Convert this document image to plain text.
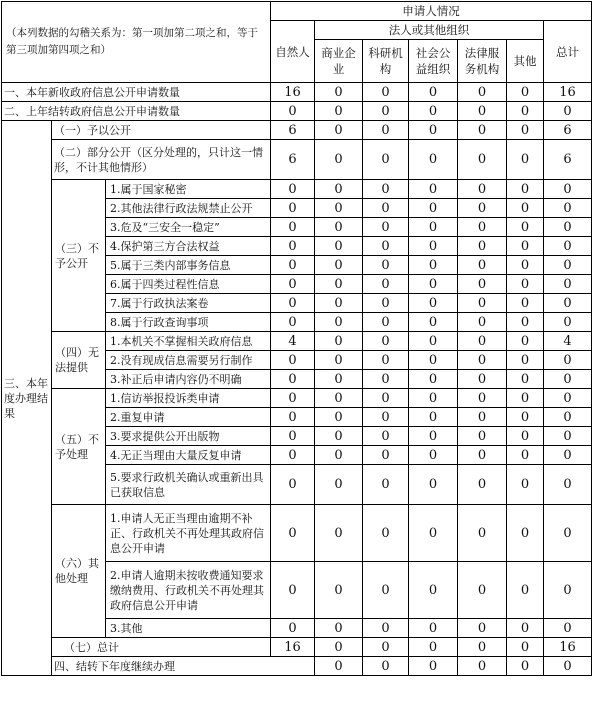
（本列数据的勾稽关系为：第一项加第二项之和，等于第三项加第四项之和）			申请人情况							
			自然人	法人或其他组织					总计	
				商业企业	科研机构	社会公益组织	法律服务机构	其他		
一、本年新收政府信息公开申请数量			16	0	0	0	0	0	16	
二、上年结转政府信息公开申请数量			0	0	0	0	0	0	0	
三、本年度办理结果	（一）予以公开		6	0	0	0	0	0	6	
	（二）部分公开（区分处理的，只计这一情形，不计其他情形）		6	0	0	0	0	0	6	
	（三）不予公开	1.属于国家秘密	0	0	0	0	0	0	0	
		2.其他法律行政法规禁止公开	0	0	0	0	0	0	0	
		3.危及“三安全一稳定”	0	0	0	0	0	0	0	
		4.保护第三方合法权益	0	0	0	0	0	0	0	
		5.属于三类内部事务信息	0	0	0	0	0	0	0	
		6.属于四类过程性信息	0	0	0	0	0	0	0	
		7.属于行政执法案卷	0	0	0	0	0	0	0	
		8.属于行政查询事项	0	0	0	0	0	0	0	
	（四）无法提供	1.本机关不掌握相关政府信息	4	0	0	0	0	0	4	
		2.没有现成信息需要另行制作	0	0	0	0	0	0	0	
		3.补正后申请内容仍不明确	0	0	0	0	0	0	0	
	（五）不予处理	1.信访举报投诉类申请	0	0	0	0	0	0	0	
		2.重复申请	0	0	0	0	0	0	0	
		3.要求提供公开出版物	0	0	0	0	0	0	0	
		4.无正当理由大量反复申请	0	0	0	0	0	0	0	
		5.要求行政机关确认或重新出具已获取信息	0	0	0	0	0	0	0	
	（六）其他处理	1.申请人无正当理由逾期不补正、行政机关不再处理其政府信息公开申请	0	0	0	0	0	0	0	
		2.申请人逾期未按收费通知要求缴纳费用、行政机关不再处理其政府信息公开申请	0	0	0	0	0	0	0	
		3.其他	0	0	0	0	0	0	0	
	（七）总计		16	0	0	0	0	0	16	
	四、结转下年度继续办理			0	0	0	0	0	0	
